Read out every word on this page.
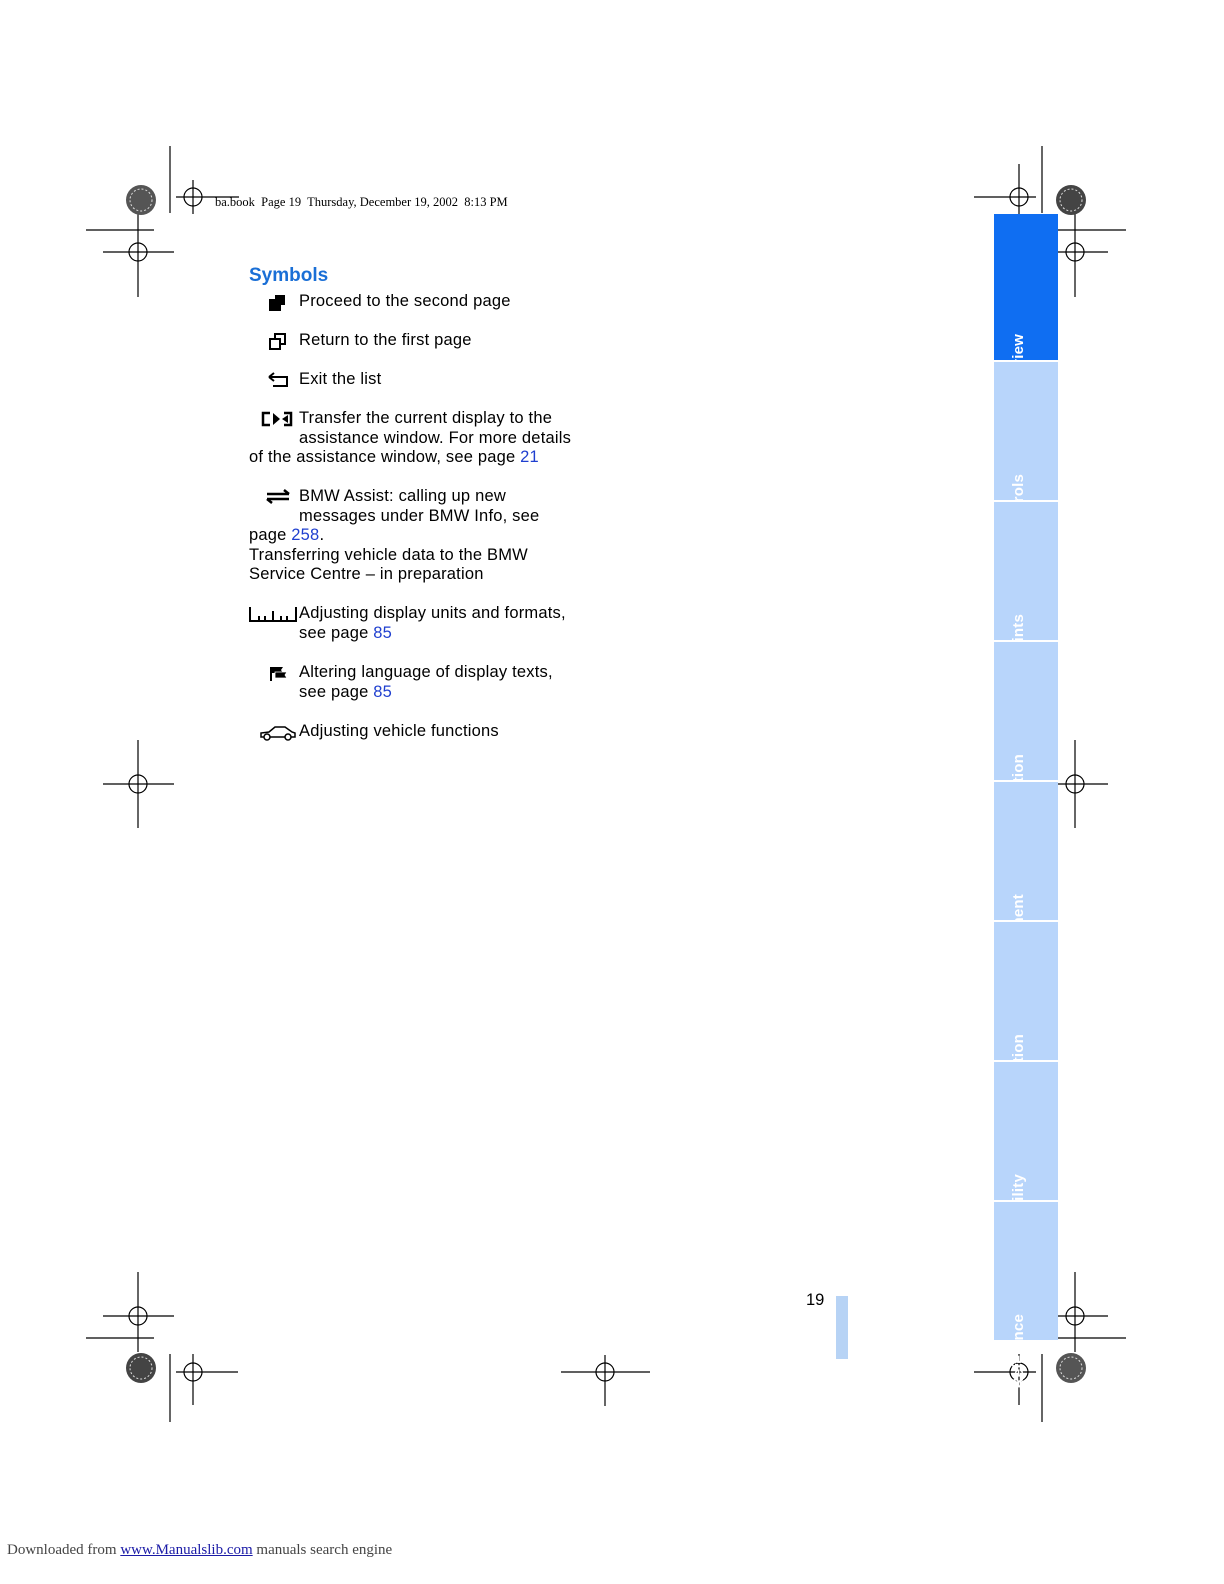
ba.book  Page 19  Thursday, December 19, 2002  8:13 PM
Symbols
Proceed to the second page
Return to the first page
Exit the list
Transfer the current display to the
assistance window. For more details
of the assistance window, see page 21
BMW Assist: calling up new
messages under BMW Info, see
page 258.
Transferring vehicle data to the BMW
Service Centre – in preparation
Adjusting display units and formats,
see page 85
Altering language of display texts,
see page 85
Adjusting vehicle functions
19
Reference
Downloaded from www.Manualslib.com manuals search engine
